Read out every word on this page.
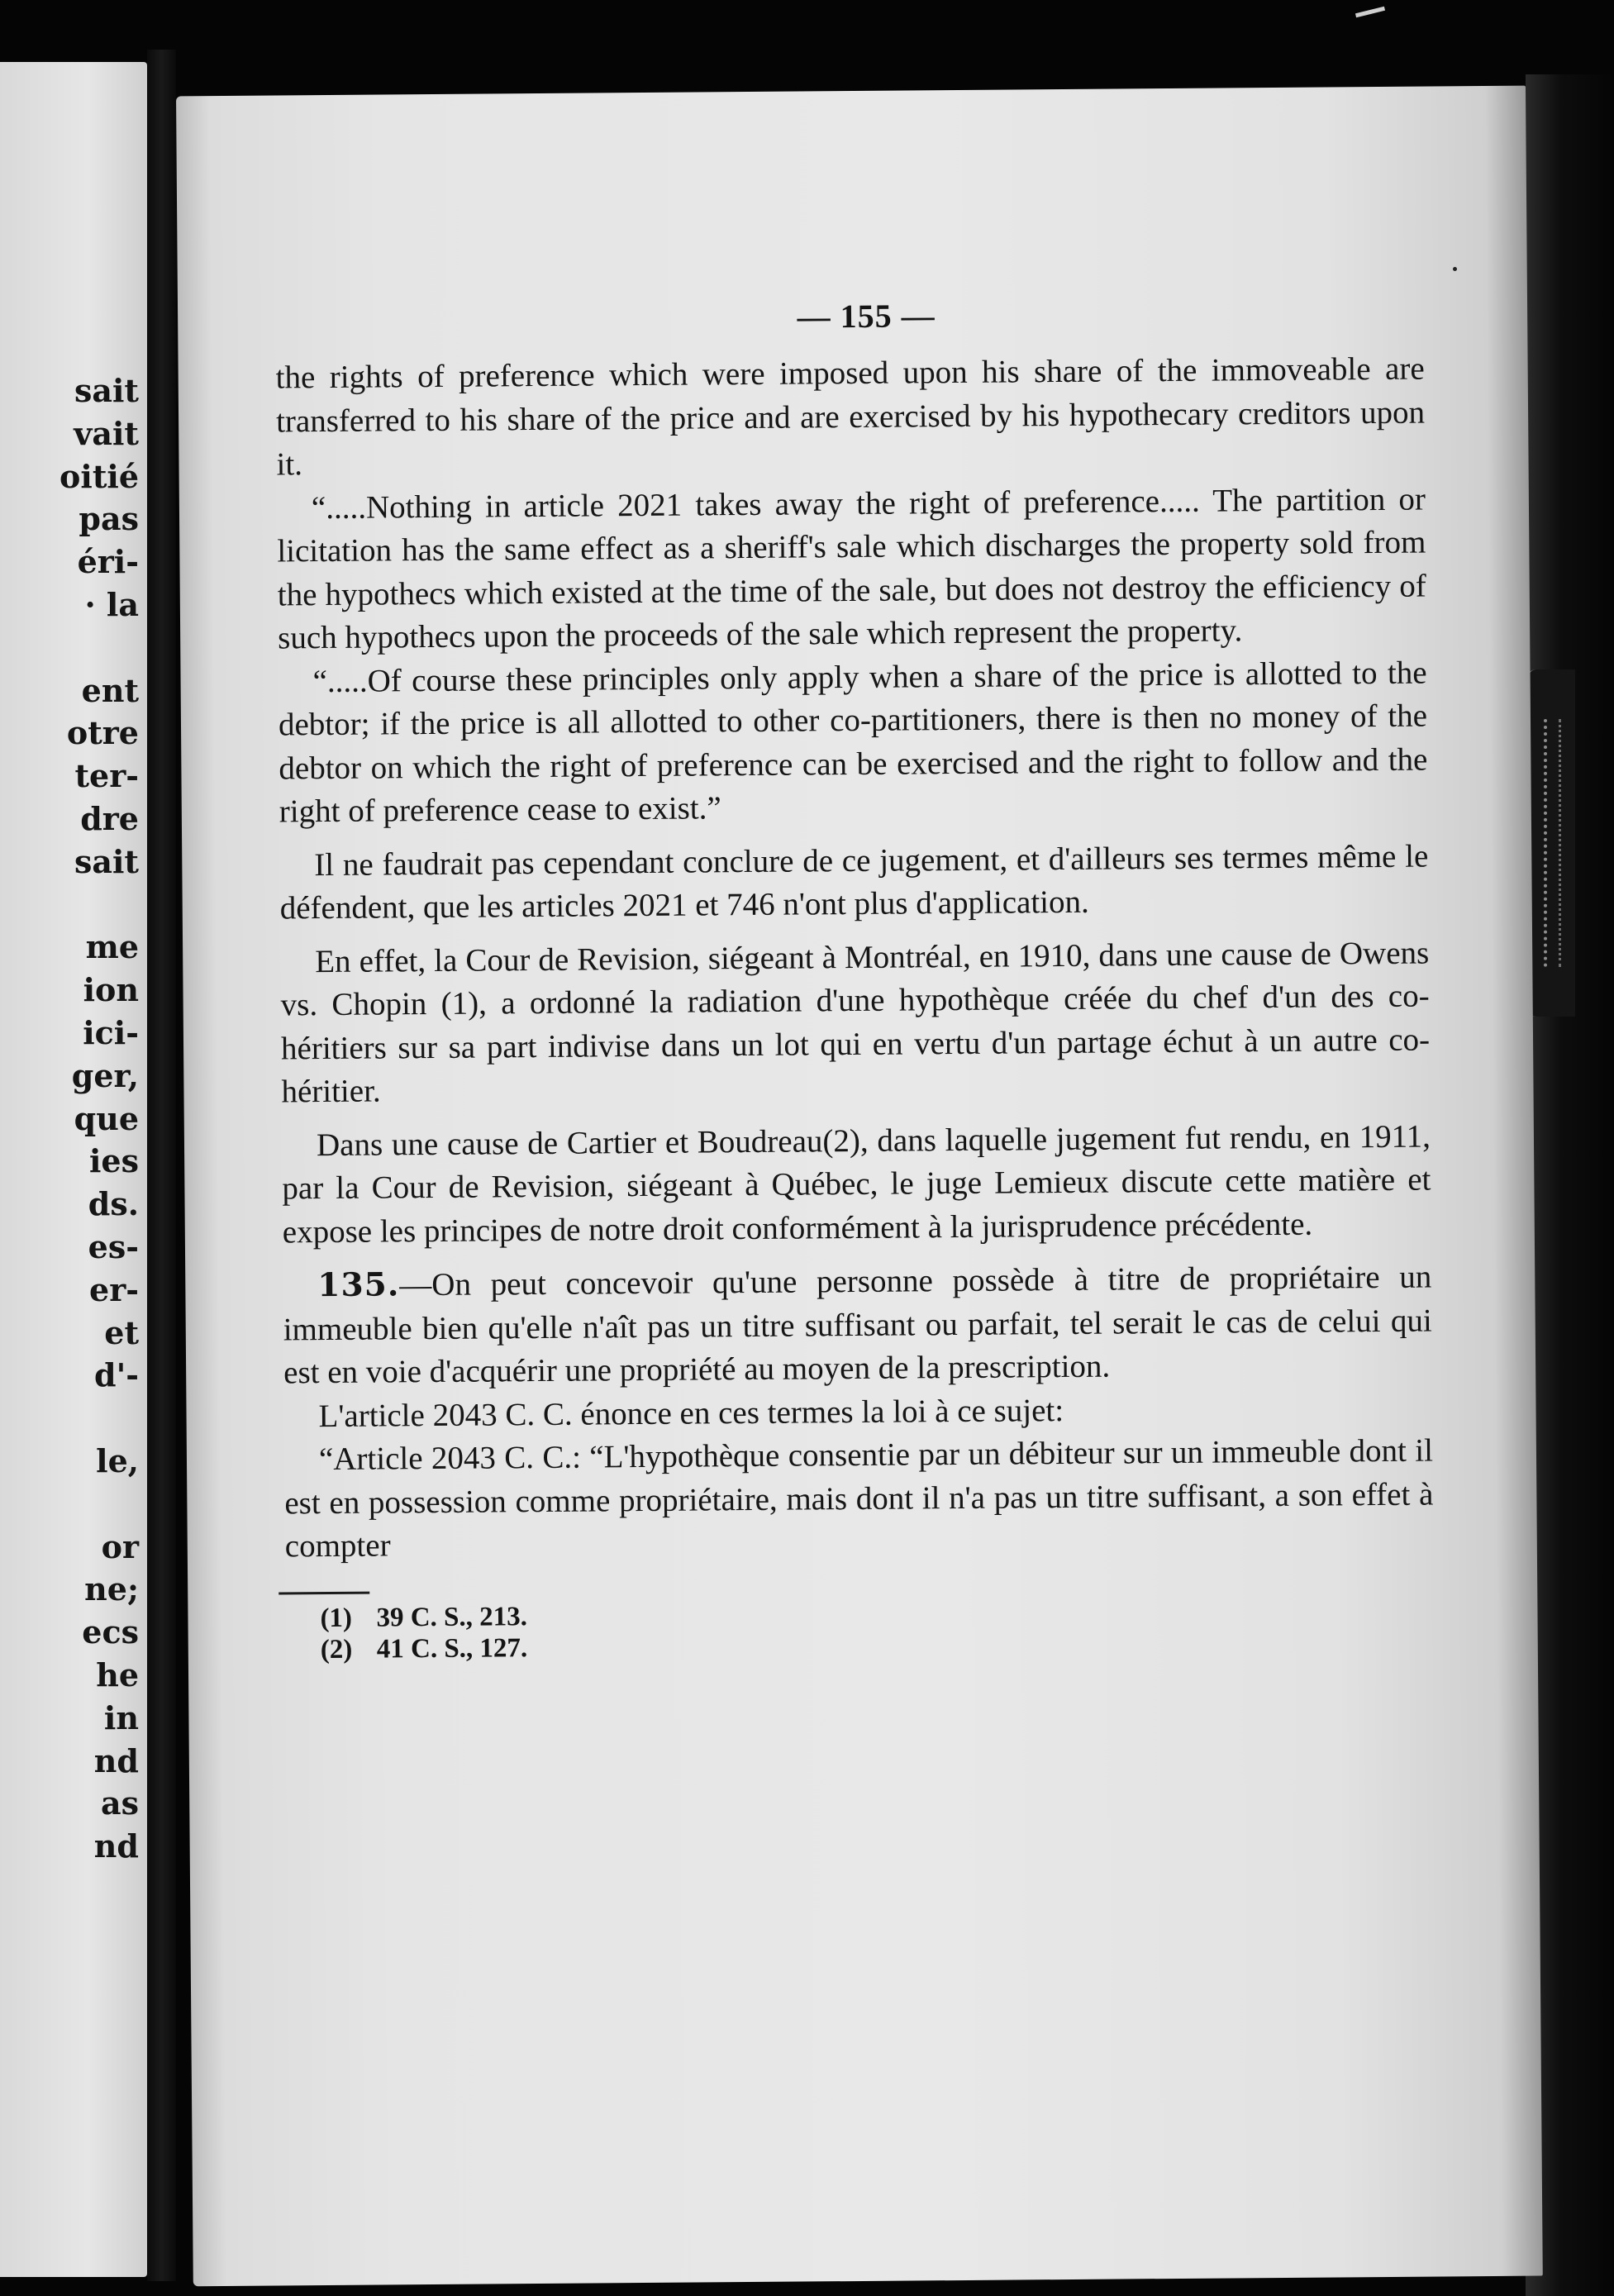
sait
vait
oitié
pas
éri-
· la
ent
otre
ter-
dre
sait
me
ion
ici-
ger,
que
ies
ds.
es-
er-
et
d'-
le,
or
ne;
ecs
he
in
nd
as
nd
— 155 —

the rights of preference which were imposed upon his share of the immoveable are transferred to his share of the price and are exercised by his hypothecary creditors upon it.

“.....Nothing in article 2021 takes away the right of preference..... The partition or licitation has the same effect as a sheriff's sale which discharges the property sold from the hypothecs which existed at the time of the sale, but does not destroy the efficiency of such hypothecs upon the proceeds of the sale which represent the property.

“.....Of course these principles only apply when a share of the price is allotted to the debtor; if the price is all allotted to other co-partitioners, there is then no money of the debtor on which the right of preference can be exercised and the right to follow and the right of preference cease to exist.”

Il ne faudrait pas cependant conclure de ce jugement, et d'ailleurs ses termes même le défendent, que les articles 2021 et 746 n'ont plus d'application.

En effet, la Cour de Revision, siégeant à Montréal, en 1910, dans une cause de Owens vs. Chopin (1), a ordonné la radiation d'une hypothèque créée du chef d'un des co-héritiers sur sa part indivise dans un lot qui en vertu d'un partage échut à un autre co-héritier.

Dans une cause de Cartier et Boudreau(2), dans laquelle jugement fut rendu, en 1911, par la Cour de Revision, siégeant à Québec, le juge Lemieux discute cette matière et expose les principes de notre droit conformément à la jurisprudence précédente.

135.—On peut concevoir qu'une personne possède à titre de propriétaire un immeuble bien qu'elle n'aît pas un titre suffisant ou parfait, tel serait le cas de celui qui est en voie d'acquérir une propriété au moyen de la prescription.

L'article 2043 C. C. énonce en ces termes la loi à ce sujet:

“Article 2043 C. C.: “L'hypothèque consentie par un débiteur sur un immeuble dont il est en possession comme propriétaire, mais dont il n'a pas un titre suffisant, a son effet à compter

(1) 39 C. S., 213.
(2) 41 C. S., 127.
